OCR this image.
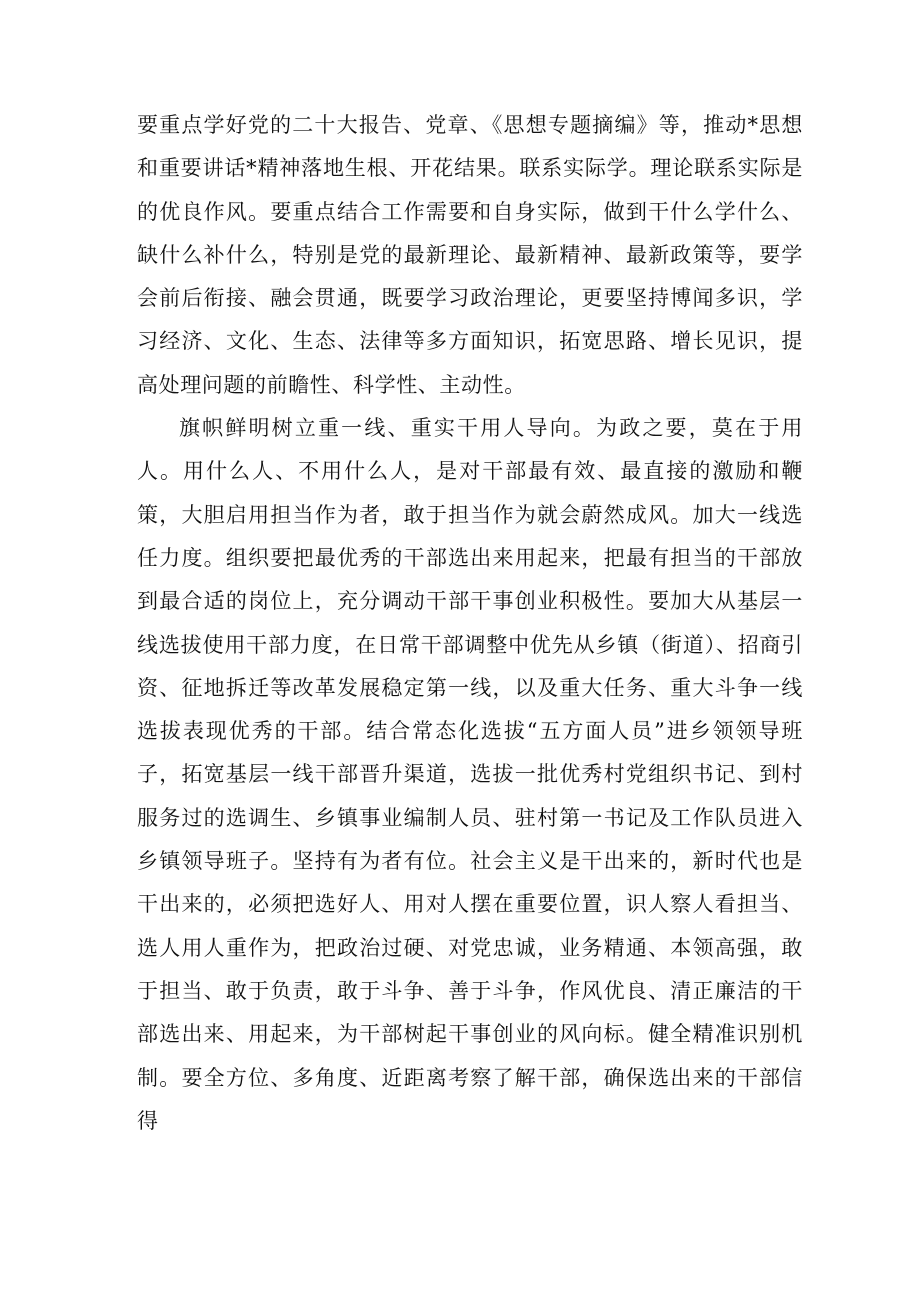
要重点学好党的二十大报告、党章、《思想专题摘编》等，推动*思想和重要讲话*精神落地生根、开花结果。联系实际学。理论联系实际是的优良作风。要重点结合工作需要和自身实际，做到干什么学什么、缺什么补什么，特别是党的最新理论、最新精神、最新政策等，要学会前后衔接、融会贯通，既要学习政治理论，更要坚持博闻多识，学习经济、文化、生态、法律等多方面知识，拓宽思路、增长见识，提高处理问题的前瞻性、科学性、主动性。

旗帜鲜明树立重一线、重实干用人导向。为政之要，莫在于用人。用什么人、不用什么人，是对干部最有效、最直接的激励和鞭策，大胆启用担当作为者，敢于担当作为就会蔚然成风。加大一线选任力度。组织要把最优秀的干部选出来用起来，把最有担当的干部放到最合适的岗位上，充分调动干部干事创业积极性。要加大从基层一线选拔使用干部力度，在日常干部调整中优先从乡镇（街道）、招商引资、征地拆迁等改革发展稳定第一线，以及重大任务、重大斗争一线选拔表现优秀的干部。结合常态化选拔“五方面人员”进乡领领导班子，拓宽基层一线干部晋升渠道，选拔一批优秀村党组织书记、到村服务过的选调生、乡镇事业编制人员、驻村第一书记及工作队员进入乡镇领导班子。坚持有为者有位。社会主义是干出来的，新时代也是干出来的，必须把选好人、用对人摆在重要位置，识人察人看担当、选人用人重作为，把政治过硬、对党忠诚，业务精通、本领高强，敢于担当、敢于负责，敢于斗争、善于斗争，作风优良、清正廉洁的干部选出来、用起来，为干部树起干事创业的风向标。健全精准识别机制。要全方位、多角度、近距离考察了解干部，确保选出来的干部信得
